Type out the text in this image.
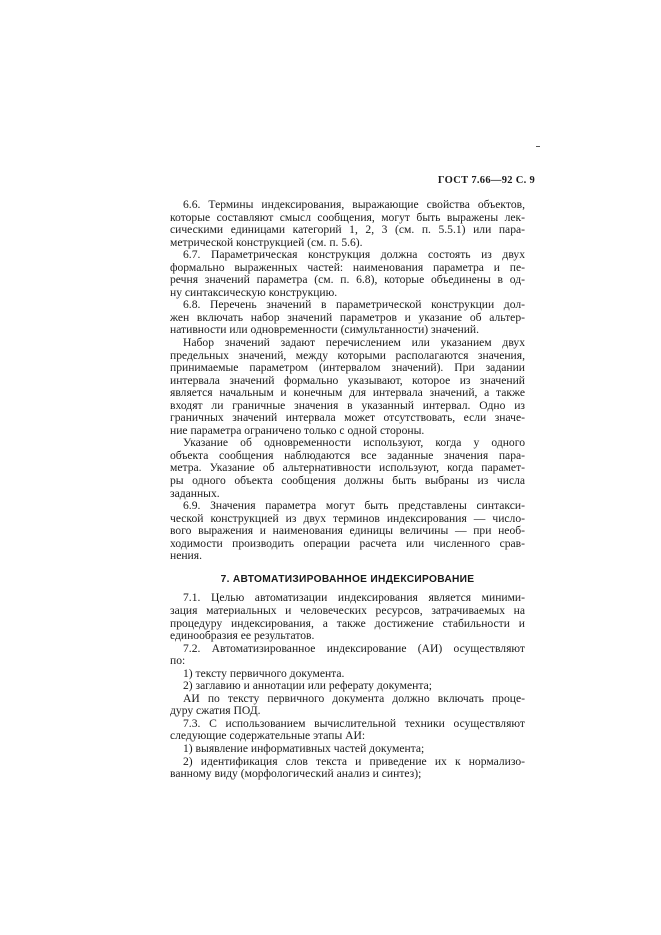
ГОСТ 7.66—92 С. 9
6.6. Термины индексирования, выражающие свойства объектов,
которые составляют смысл сообщения, могут быть выражены лек-
сическими единицами категорий 1, 2, 3 (см. п. 5.5.1) или пара-
метрической конструкцией (см. п. 5.6).
6.7. Параметрическая конструкция должна состоять из двух
формально выраженных частей: наименования параметра и пе-
речня значений параметра (см. п. 6.8), которые объединены в од-
ну синтаксическую конструкцию.
6.8. Перечень значений в параметрической конструкции дол-
жен включать набор значений параметров и указание об альтер-
нативности или одновременности (симультанности) значений.
Набор значений задают перечислением или указанием двух
предельных значений, между которыми располагаются значения,
принимаемые параметром (интервалом значений). При задании
интервала значений формально указывают, которое из значений
является начальным и конечным для интервала значений, а также
входят ли граничные значения в указанный интервал. Одно из
граничных значений интервала может отсутствовать, если значе-
ние параметра ограничено только с одной стороны.
Указание об одновременности используют, когда у одного
объекта сообщения наблюдаются все заданные значения пара-
метра. Указание об альтернативности используют, когда парамет-
ры одного объекта сообщения должны быть выбраны из числа
заданных.
6.9. Значения параметра могут быть представлены синтакси-
ческой конструкцией из двух терминов индексирования — число-
вого выражения и наименования единицы величины — при необ-
ходимости производить операции расчета или численного срав-
нения.
7. АВТОМАТИЗИРОВАННОЕ ИНДЕКСИРОВАНИЕ
7.1. Целью автоматизации индексирования является миними-
зация материальных и человеческих ресурсов, затрачиваемых на
процедуру индексирования, а также достижение стабильности и
единообразия ее результатов.
7.2. Автоматизированное индексирование (АИ) осуществляют
по:
1) тексту первичного документа.
2) заглавию и аннотации или реферату документа;
АИ по тексту первичного документа должно включать проце-
дуру сжатия ПОД.
7.3. С использованием вычислительной техники осуществляют
следующие содержательные этапы АИ:
1) выявление информативных частей документа;
2) идентификация слов текста и приведение их к нормализо-
ванному виду (морфологический анализ и синтез);
